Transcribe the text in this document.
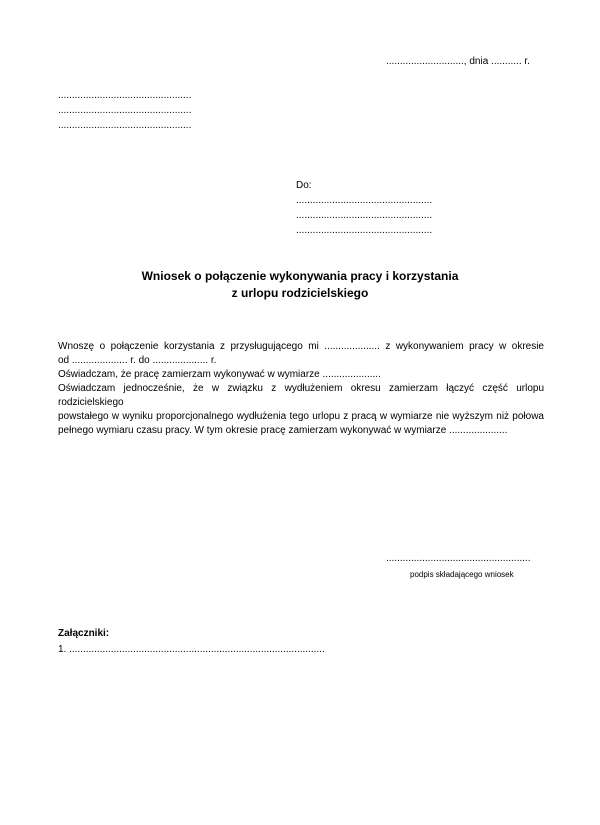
............................, dnia ........... r.
................................................
................................................
................................................
Do:
.................................................
.................................................
.................................................
Wniosek o połączenie wykonywania pracy i korzystania
z urlopu rodzicielskiego
Wnoszę o połączenie korzystania z przysługującego mi .................... z wykonywaniem pracy w okresie
od .................... r. do .................... r.
Oświadczam, że pracę zamierzam wykonywać w wymiarze .....................
Oświadczam jednocześnie, że w związku z wydłużeniem okresu zamierzam łączyć część urlopu rodzicielskiego
powstałego w wyniku proporcjonalnego wydłużenia tego urlopu z pracą w wymiarze nie wyższym niż połowa
pełnego wymiaru czasu pracy. W tym okresie pracę zamierzam wykonywać w wymiarze .....................
....................................................
podpis składającego wniosek
Załączniki:
1. ............................................................................................
